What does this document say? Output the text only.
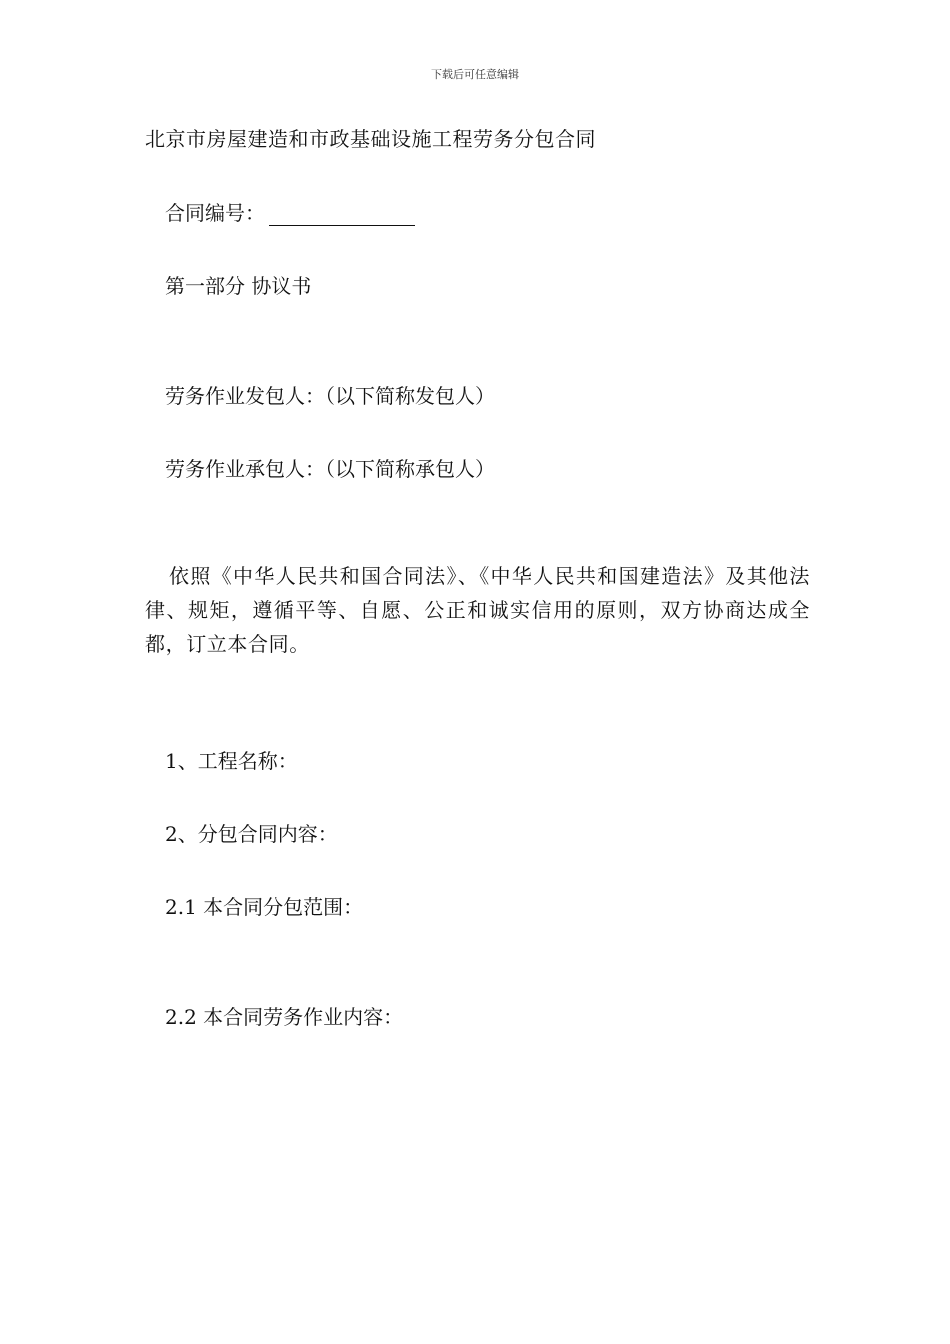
下载后可任意编辑
北京市房屋建造和市政基础设施工程劳务分包合同
合同编号：
第一部分 协议书
劳务作业发包人：（以下简称发包人）
劳务作业承包人：（以下简称承包人）
依照《中华人民共和国合同法》、《中华人民共和国建造法》及其他法律、规矩，遵循平等、自愿、公正和诚实信用的原则，双方协商达成全都，订立本合同。
1、工程名称：
2、分包合同内容：
2.1 本合同分包范围：
2.2 本合同劳务作业内容：
